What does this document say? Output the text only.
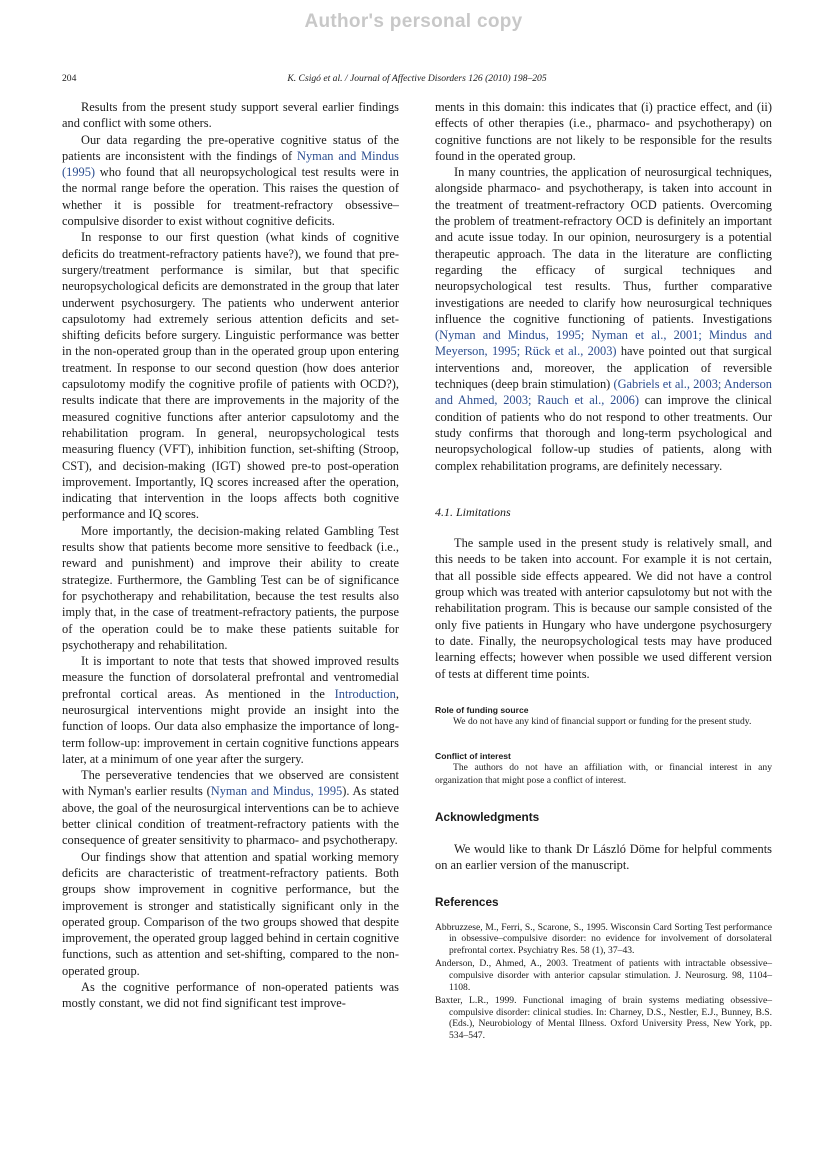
Author's personal copy
204	K. Csigó et al. / Journal of Affective Disorders 126 (2010) 198–205

Results from the present study support several earlier findings and conflict with some others.

Our data regarding the pre-operative cognitive status of the patients are inconsistent with the findings of Nyman and Mindus (1995) who found that all neuropsychological test results were in the normal range before the operation. This raises the question of whether it is possible for treatment-refractory obsessive–compulsive disorder to exist without cognitive deficits.

In response to our first question (what kinds of cognitive deficits do treatment-refractory patients have?), we found that pre-surgery/treatment performance is similar, but that specific neuropsychological deficits are demonstrated in the group that later underwent psychosurgery. The patients who underwent anterior capsulotomy had extremely serious attention deficits and set-shifting deficits before surgery. Linguistic performance was better in the non-operated group than in the operated group upon entering treatment. In response to our second question (how does anterior capsulotomy modify the cognitive profile of patients with OCD?), results indicate that there are improvements in the majority of the measured cognitive functions after anterior capsulotomy and the rehabilitation program. In general, neuropsychological tests measuring fluency (VFT), inhibition function, set-shifting (Stroop, CST), and decision-making (IGT) showed pre-to post-operation improvement. Importantly, IQ scores increased after the operation, indicating that intervention in the loops affects both cognitive performance and IQ scores.

More importantly, the decision-making related Gambling Test results show that patients become more sensitive to feedback (i.e., reward and punishment) and improve their ability to create strategize. Furthermore, the Gambling Test can be of significance for psychotherapy and rehabilitation, because the test results also imply that, in the case of treatment-refractory patients, the purpose of the operation could be to make these patients suitable for psychotherapy and rehabilitation.

It is important to note that tests that showed improved results measure the function of dorsolateral prefrontal and ventromedial prefrontal cortical areas. As mentioned in the Introduction, neurosurgical interventions might provide an insight into the function of loops. Our data also emphasize the importance of long-term follow-up: improvement in certain cognitive functions appears later, at a minimum of one year after the surgery.

The perseverative tendencies that we observed are consistent with Nyman's earlier results (Nyman and Mindus, 1995). As stated above, the goal of the neurosurgical interventions can be to achieve better clinical condition of treatment-refractory patients with the consequence of greater sensitivity to pharmaco- and psychotherapy.

Our findings show that attention and spatial working memory deficits are characteristic of treatment-refractory patients. Both groups show improvement in cognitive performance, but the improvement is stronger and statistically significant only in the operated group. Comparison of the two groups showed that despite improvement, the operated group lagged behind in certain cognitive functions, such as attention and set-shifting, compared to the non-operated group.

As the cognitive performance of non-operated patients was mostly constant, we did not find significant test improve-

ments in this domain: this indicates that (i) practice effect, and (ii) effects of other therapies (i.e., pharmaco- and psychotherapy) on cognitive functions are not likely to be responsible for the results found in the operated group.

In many countries, the application of neurosurgical techniques, alongside pharmaco- and psychotherapy, is taken into account in the treatment of treatment-refractory OCD patients. Overcoming the problem of treatment-refractory OCD is definitely an important and acute issue today. In our opinion, neurosurgery is a potential therapeutic approach. The data in the literature are conflicting regarding the efficacy of surgical techniques and neuropsychological test results. Thus, further comparative investigations are needed to clarify how neurosurgical techniques influence the cognitive functioning of patients. Investigations (Nyman and Mindus, 1995; Nyman et al., 2001; Mindus and Meyerson, 1995; Rück et al., 2003) have pointed out that surgical interventions and, moreover, the application of reversible techniques (deep brain stimulation) (Gabriels et al., 2003; Anderson and Ahmed, 2003; Rauch et al., 2006) can improve the clinical condition of patients who do not respond to other treatments. Our study confirms that thorough and long-term psychological and neuropsychological follow-up studies of patients, along with complex rehabilitation programs, are definitely necessary.

4.1. Limitations

The sample used in the present study is relatively small, and this needs to be taken into account. For example it is not certain, that all possible side effects appeared. We did not have a control group which was treated with anterior capsulotomy but not with the rehabilitation program. This is because our sample consisted of the only five patients in Hungary who have undergone psychosurgery to date. Finally, the neuropsychological tests may have produced learning effects; however when possible we used different version of tests at different time points.

Role of funding source

We do not have any kind of financial support or funding for the present study.

Conflict of interest

The authors do not have an affiliation with, or financial interest in any organization that might pose a conflict of interest.

Acknowledgments

We would like to thank Dr László Döme for helpful comments on an earlier version of the manuscript.

References
Abbruzzese, M., Ferri, S., Scarone, S., 1995. Wisconsin Card Sorting Test performance in obsessive–compulsive disorder: no evidence for involvement of dorsolateral prefrontal cortex. Psychiatry Res. 58 (1), 37–43.
Anderson, D., Ahmed, A., 2003. Treatment of patients with intractable obsessive–compulsive disorder with anterior capsular stimulation. J. Neurosurg. 98, 1104–1108.
Baxter, L.R., 1999. Functional imaging of brain systems mediating obsessive–compulsive disorder: clinical studies. In: Charney, D.S., Nestler, E.J., Bunney, B.S. (Eds.), Neurobiology of Mental Illness. Oxford University Press, New York, pp. 534–547.
